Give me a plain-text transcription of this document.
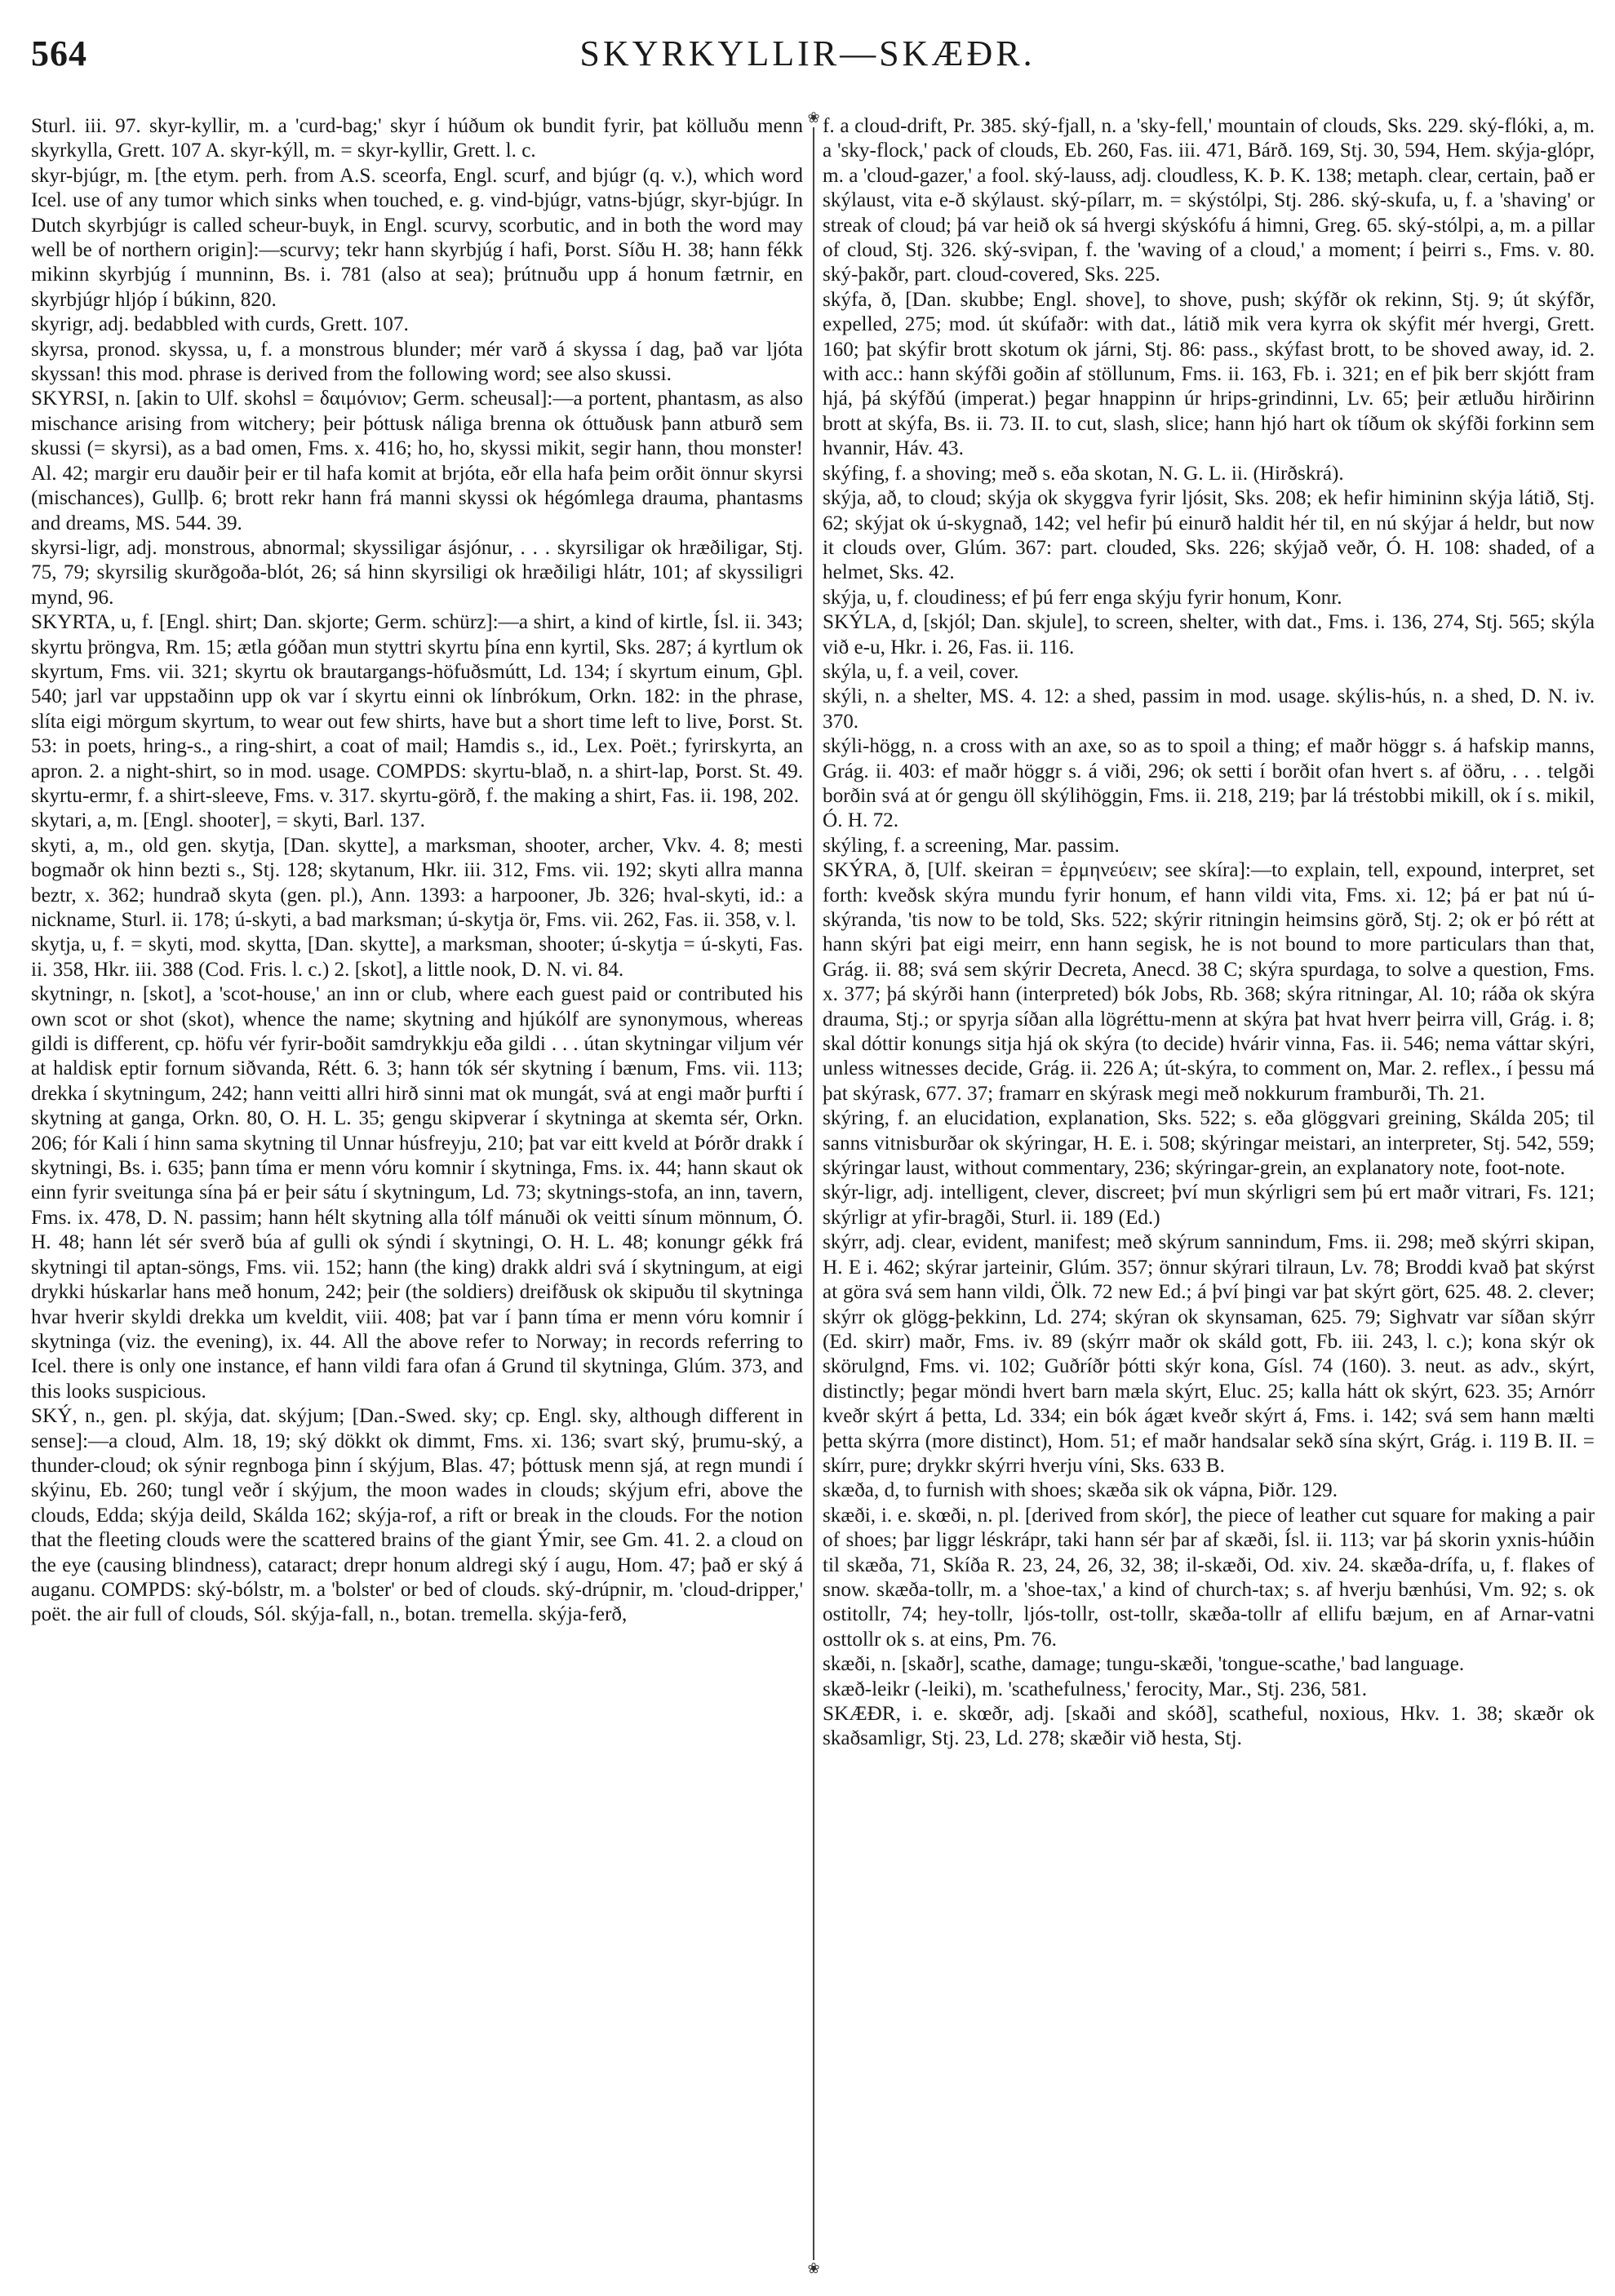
564	SKYRKYLLIR—SKÆÐR.
❀
❀

Sturl. iii. 97. skyr-kyllir, m. a 'curd-bag;' skyr í húðum ok bundit fyrir, þat kölluðu menn skyrkylla, Grett. 107 A. skyr-kýll, m. = skyr-kyllir, Grett. l. c.

skyr-bjúgr, m. [the etym. perh. from A.S. sceorfa, Engl. scurf, and bjúgr (q. v.), which word Icel. use of any tumor which sinks when touched, e. g. vind-bjúgr, vatns-bjúgr, skyr-bjúgr. In Dutch skyrbjúgr is called scheur-buyk, in Engl. scurvy, scorbutic, and in both the word may well be of northern origin]:—scurvy; tekr hann skyrbjúg í hafi, Þorst. Síðu H. 38; hann fékk mikinn skyrbjúg í munninn, Bs. i. 781 (also at sea); þrútnuðu upp á honum fætrnir, en skyrbjúgr hljóp í búkinn, 820.

skyrigr, adj. bedabbled with curds, Grett. 107.

skyrsa, pronod. skyssa, u, f. a monstrous blunder; mér varð á skyssa í dag, það var ljóta skyssan! this mod. phrase is derived from the following word; see also skussi.

SKYRSI, n. [akin to Ulf. skohsl = δαιμόνιον; Germ. scheusal]:—a portent, phantasm, as also mischance arising from witchery; þeir þóttusk náliga brenna ok óttuðusk þann atburð sem skussi (= skyrsi), as a bad omen, Fms. x. 416; ho, ho, skyssi mikit, segir hann, thou monster! Al. 42; margir eru dauðir þeir er til hafa komit at brjóta, eðr ella hafa þeim orðit önnur skyrsi (mischances), Gullþ. 6; brott rekr hann frá manni skyssi ok hégómlega drauma, phantasms and dreams, MS. 544. 39.

skyrsi-ligr, adj. monstrous, abnormal; skyssiligar ásjónur, . . . skyrsiligar ok hræðiligar, Stj. 75, 79; skyrsilig skurðgoða-blót, 26; sá hinn skyrsiligi ok hræðiligi hlátr, 101; af skyssiligri mynd, 96.

SKYRTA, u, f. [Engl. shirt; Dan. skjorte; Germ. schürz]:—a shirt, a kind of kirtle, Ísl. ii. 343; skyrtu þröngva, Rm. 15; ætla góðan mun styttri skyrtu þína enn kyrtil, Sks. 287; á kyrtlum ok skyrtum, Fms. vii. 321; skyrtu ok brautargangs-höfuðsmútt, Ld. 134; í skyrtum einum, Gþl. 540; jarl var uppstaðinn upp ok var í skyrtu einni ok línbrókum, Orkn. 182: in the phrase, slíta eigi mörgum skyrtum, to wear out few shirts, have but a short time left to live, Þorst. St. 53: in poets, hring-s., a ring-shirt, a coat of mail; Hamdis s., id., Lex. Poët.; fyrirskyrta, an apron. 2. a night-shirt, so in mod. usage. COMPDS: skyrtu-blað, n. a shirt-lap, Þorst. St. 49. skyrtu-ermr, f. a shirt-sleeve, Fms. v. 317. skyrtu-görð, f. the making a shirt, Fas. ii. 198, 202.

skytari, a, m. [Engl. shooter], = skyti, Barl. 137.

skyti, a, m., old gen. skytja, [Dan. skytte], a marksman, shooter, archer, Vkv. 4. 8; mesti bogmaðr ok hinn bezti s., Stj. 128; skytanum, Hkr. iii. 312, Fms. vii. 192; skyti allra manna beztr, x. 362; hundrað skyta (gen. pl.), Ann. 1393: a harpooner, Jb. 326; hval-skyti, id.: a nickname, Sturl. ii. 178; ú-skyti, a bad marksman; ú-skytja ör, Fms. vii. 262, Fas. ii. 358, v. l.

skytja, u, f. = skyti, mod. skytta, [Dan. skytte], a marksman, shooter; ú-skytja = ú-skyti, Fas. ii. 358, Hkr. iii. 388 (Cod. Fris. l. c.) 2. [skot], a little nook, D. N. vi. 84.

skytningr, n. [skot], a 'scot-house,' an inn or club, where each guest paid or contributed his own scot or shot (skot), whence the name; skytning and hjúkólf are synonymous, whereas gildi is different, cp. höfu vér fyrir-boðit samdrykkju eða gildi . . . útan skytningar viljum vér at haldisk eptir fornum siðvanda, Rétt. 6. 3; hann tók sér skytning í bænum, Fms. vii. 113; drekka í skytningum, 242; hann veitti allri hirð sinni mat ok mungát, svá at engi maðr þurfti í skytning at ganga, Orkn. 80, O. H. L. 35; gengu skipverar í skytninga at skemta sér, Orkn. 206; fór Kali í hinn sama skytning til Unnar húsfreyju, 210; þat var eitt kveld at Þórðr drakk í skytningi, Bs. i. 635; þann tíma er menn vóru komnir í skytninga, Fms. ix. 44; hann skaut ok einn fyrir sveitunga sína þá er þeir sátu í skytningum, Ld. 73; skytnings-stofa, an inn, tavern, Fms. ix. 478, D. N. passim; hann hélt skytning alla tólf mánuði ok veitti sínum mönnum, Ó. H. 48; hann lét sér sverð búa af gulli ok sýndi í skytningi, O. H. L. 48; konungr gékk frá skytningi til aptan-söngs, Fms. vii. 152; hann (the king) drakk aldri svá í skytningum, at eigi drykki húskarlar hans með honum, 242; þeir (the soldiers) dreifðusk ok skipuðu til skytninga hvar hverir skyldi drekka um kveldit, viii. 408; þat var í þann tíma er menn vóru komnir í skytninga (viz. the evening), ix. 44. All the above refer to Norway; in records referring to Icel. there is only one instance, ef hann vildi fara ofan á Grund til skytninga, Glúm. 373, and this looks suspicious.

SKÝ, n., gen. pl. skýja, dat. skýjum; [Dan.-Swed. sky; cp. Engl. sky, although different in sense]:—a cloud, Alm. 18, 19; ský dökkt ok dimmt, Fms. xi. 136; svart ský, þrumu-ský, a thunder-cloud; ok sýnir regnboga þinn í skýjum, Blas. 47; þóttusk menn sjá, at regn mundi í skýinu, Eb. 260; tungl veðr í skýjum, the moon wades in clouds; skýjum efri, above the clouds, Edda; skýja deild, Skálda 162; skýja-rof, a rift or break in the clouds. For the notion that the fleeting clouds were the scattered brains of the giant Ýmir, see Gm. 41. 2. a cloud on the eye (causing blindness), cataract; drepr honum aldregi ský í augu, Hom. 47; það er ský á auganu. COMPDS: ský-bólstr, m. a 'bolster' or bed of clouds. ský-drúpnir, m. 'cloud-dripper,' poët. the air full of clouds, Sól. skýja-fall, n., botan. tremella. skýja-ferð,

f. a cloud-drift, Pr. 385. ský-fjall, n. a 'sky-fell,' mountain of clouds, Sks. 229. ský-flóki, a, m. a 'sky-flock,' pack of clouds, Eb. 260, Fas. iii. 471, Bárð. 169, Stj. 30, 594, Hem. skýja-glópr, m. a 'cloud-gazer,' a fool. ský-lauss, adj. cloudless, K. Þ. K. 138; metaph. clear, certain, það er skýlaust, vita e-ð skýlaust. ský-pílarr, m. = skýstólpi, Stj. 286. ský-skufa, u, f. a 'shaving' or streak of cloud; þá var heið ok sá hvergi skýskófu á himni, Greg. 65. ský-stólpi, a, m. a pillar of cloud, Stj. 326. ský-svipan, f. the 'waving of a cloud,' a moment; í þeirri s., Fms. v. 80. ský-þakðr, part. cloud-covered, Sks. 225.

skýfa, ð, [Dan. skubbe; Engl. shove], to shove, push; skýfðr ok rekinn, Stj. 9; út skýfðr, expelled, 275; mod. út skúfaðr: with dat., látið mik vera kyrra ok skýfit mér hvergi, Grett. 160; þat skýfir brott skotum ok járni, Stj. 86: pass., skýfast brott, to be shoved away, id. 2. with acc.: hann skýfði goðin af stöllunum, Fms. ii. 163, Fb. i. 321; en ef þik berr skjótt fram hjá, þá skýfðú (imperat.) þegar hnappinn úr hrips-grindinni, Lv. 65; þeir ætluðu hirðirinn brott at skýfa, Bs. ii. 73. II. to cut, slash, slice; hann hjó hart ok tíðum ok skýfði forkinn sem hvannir, Háv. 43.

skýfing, f. a shoving; með s. eða skotan, N. G. L. ii. (Hirðskrá).

skýja, að, to cloud; skýja ok skyggva fyrir ljósit, Sks. 208; ek hefir himininn skýja látið, Stj. 62; skýjat ok ú-skygnað, 142; vel hefir þú einurð haldit hér til, en nú skýjar á heldr, but now it clouds over, Glúm. 367: part. clouded, Sks. 226; skýjað veðr, Ó. H. 108: shaded, of a helmet, Sks. 42.

skýja, u, f. cloudiness; ef þú ferr enga skýju fyrir honum, Konr.

SKÝLA, d, [skjól; Dan. skjule], to screen, shelter, with dat., Fms. i. 136, 274, Stj. 565; skýla við e-u, Hkr. i. 26, Fas. ii. 116.

skýla, u, f. a veil, cover.

skýli, n. a shelter, MS. 4. 12: a shed, passim in mod. usage. skýlis-hús, n. a shed, D. N. iv. 370.

skýli-högg, n. a cross with an axe, so as to spoil a thing; ef maðr höggr s. á hafskip manns, Grág. ii. 403: ef maðr höggr s. á viði, 296; ok setti í borðit ofan hvert s. af öðru, . . . telgði borðin svá at ór gengu öll skýlihöggin, Fms. ii. 218, 219; þar lá tréstobbi mikill, ok í s. mikil, Ó. H. 72.

skýling, f. a screening, Mar. passim.

SKÝRA, ð, [Ulf. skeiran = ἑρμηνεύειν; see skíra]:—to explain, tell, expound, interpret, set forth: kveðsk skýra mundu fyrir honum, ef hann vildi vita, Fms. xi. 12; þá er þat nú ú-skýranda, 'tis now to be told, Sks. 522; skýrir ritningin heimsins görð, Stj. 2; ok er þó rétt at hann skýri þat eigi meirr, enn hann segisk, he is not bound to more particulars than that, Grág. ii. 88; svá sem skýrir Decreta, Anecd. 38 C; skýra spurdaga, to solve a question, Fms. x. 377; þá skýrði hann (interpreted) bók Jobs, Rb. 368; skýra ritningar, Al. 10; ráða ok skýra drauma, Stj.; or spyrja síðan alla lögréttu-menn at skýra þat hvat hverr þeirra vill, Grág. i. 8; skal dóttir konungs sitja hjá ok skýra (to decide) hvárir vinna, Fas. ii. 546; nema váttar skýri, unless witnesses decide, Grág. ii. 226 A; út-skýra, to comment on, Mar. 2. reflex., í þessu má þat skýrask, 677. 37; framarr en skýrask megi með nokkurum framburði, Th. 21.

skýring, f. an elucidation, explanation, Sks. 522; s. eða glöggvari greining, Skálda 205; til sanns vitnisburðar ok skýringar, H. E. i. 508; skýringar meistari, an interpreter, Stj. 542, 559; skýringar laust, without commentary, 236; skýringar-grein, an explanatory note, foot-note.

skýr-ligr, adj. intelligent, clever, discreet; því mun skýrligri sem þú ert maðr vitrari, Fs. 121; skýrligr at yfir-bragði, Sturl. ii. 189 (Ed.)

skýrr, adj. clear, evident, manifest; með skýrum sannindum, Fms. ii. 298; með skýrri skipan, H. E i. 462; skýrar jarteinir, Glúm. 357; önnur skýrari tilraun, Lv. 78; Broddi kvað þat skýrst at göra svá sem hann vildi, Ölk. 72 new Ed.; á því þingi var þat skýrt gört, 625. 48. 2. clever; skýrr ok glögg-þekkinn, Ld. 274; skýran ok skynsaman, 625. 79; Sighvatr var síðan skýrr (Ed. skirr) maðr, Fms. iv. 89 (skýrr maðr ok skáld gott, Fb. iii. 243, l. c.); kona skýr ok skörulgnd, Fms. vi. 102; Guðríðr þótti skýr kona, Gísl. 74 (160). 3. neut. as adv., skýrt, distinctly; þegar möndi hvert barn mæla skýrt, Eluc. 25; kalla hátt ok skýrt, 623. 35; Arnórr kveðr skýrt á þetta, Ld. 334; ein bók ágæt kveðr skýrt á, Fms. i. 142; svá sem hann mælti þetta skýrra (more distinct), Hom. 51; ef maðr handsalar sekð sína skýrt, Grág. i. 119 B. II. = skírr, pure; drykkr skýrri hverju víni, Sks. 633 B.

skæða, d, to furnish with shoes; skæða sik ok vápna, Þiðr. 129.

skæði, i. e. skœði, n. pl. [derived from skór], the piece of leather cut square for making a pair of shoes; þar liggr léskrápr, taki hann sér þar af skæði, Ísl. ii. 113; var þá skorin yxnis-húðin til skæða, 71, Skíða R. 23, 24, 26, 32, 38; il-skæði, Od. xiv. 24. skæða-drífa, u, f. flakes of snow. skæða-tollr, m. a 'shoe-tax,' a kind of church-tax; s. af hverju bænhúsi, Vm. 92; s. ok ostitollr, 74; hey-tollr, ljós-tollr, ost-tollr, skæða-tollr af ellifu bæjum, en af Arnar-vatni osttollr ok s. at eins, Pm. 76.

skæði, n. [skaðr], scathe, damage; tungu-skæði, 'tongue-scathe,' bad language.

skæð-leikr (-leiki), m. 'scathefulness,' ferocity, Mar., Stj. 236, 581.

SKÆÐR, i. e. skœðr, adj. [skaði and skóð], scatheful, noxious, Hkv. 1. 38; skæðr ok skaðsamligr, Stj. 23, Ld. 278; skæðir við hesta, Stj.
